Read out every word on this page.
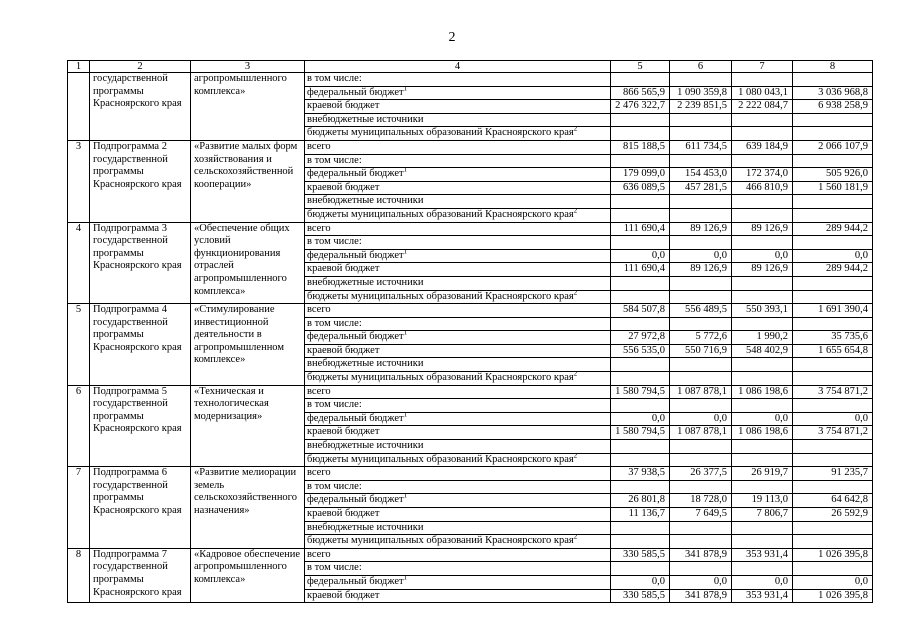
2
1	2	3	4	5	6	7	8
	государственной программы Красноярского края	агропромышленного комплекса»	в том числе:				
			федеральный бюджет$^1$	866 565,9	1 090 359,8	1 080 043,1	3 036 968,8
			краевой бюджет	2 476 322,7	2 239 851,5	2 222 084,7	6 938 258,9
			внебюджетные источники				
			бюджеты муниципальных образований Красноярского края$^2$				
3	Подпрограмма 2 государственной программы Красноярского края	«Развитие малых форм хозяйствования и сельскохозяйственной кооперации»	всего	815 188,5	611 734,5	639 184,9	2 066 107,9
			в том числе:				
			федеральный бюджет$^1$	179 099,0	154 453,0	172 374,0	505 926,0
			краевой бюджет	636 089,5	457 281,5	466 810,9	1 560 181,9
			внебюджетные источники				
			бюджеты муниципальных образований Красноярского края$^2$				
4	Подпрограмма 3 государственной программы Красноярского края	«Обеспечение общих условий функционирования отраслей агропромышленного комплекса»	всего	111 690,4	89 126,9	89 126,9	289 944,2
			в том числе:				
			федеральный бюджет$^1$	0,0	0,0	0,0	0,0
			краевой бюджет	111 690,4	89 126,9	89 126,9	289 944,2
			внебюджетные источники				
			бюджеты муниципальных образований Красноярского края$^2$				
5	Подпрограмма 4 государственной программы Красноярского края	«Стимулирование инвестиционной деятельности в агропромышленном комплексе»	всего	584 507,8	556 489,5	550 393,1	1 691 390,4
			в том числе:				
			федеральный бюджет$^1$	27 972,8	5 772,6	1 990,2	35 735,6
			краевой бюджет	556 535,0	550 716,9	548 402,9	1 655 654,8
			внебюджетные источники				
			бюджеты муниципальных образований Красноярского края$^2$				
6	Подпрограмма 5 государственной программы Красноярского края	«Техническая и технологическая модернизация»	всего	1 580 794,5	1 087 878,1	1 086 198,6	3 754 871,2
			в том числе:				
			федеральный бюджет$^1$	0,0	0,0	0,0	0,0
			краевой бюджет	1 580 794,5	1 087 878,1	1 086 198,6	3 754 871,2
			внебюджетные источники				
			бюджеты муниципальных образований Красноярского края$^2$				
7	Подпрограмма 6 государственной программы Красноярского края	«Развитие мелиорации земель сельскохозяйственного назначения»	всего	37 938,5	26 377,5	26 919,7	91 235,7
			в том числе:				
			федеральный бюджет$^1$	26 801,8	18 728,0	19 113,0	64 642,8
			краевой бюджет	11 136,7	7 649,5	7 806,7	26 592,9
			внебюджетные источники				
			бюджеты муниципальных образований Красноярского края$^2$				
8	Подпрограмма 7 государственной программы Красноярского края	«Кадровое обеспечение агропромышленного комплекса»	всего	330 585,5	341 878,9	353 931,4	1 026 395,8
			в том числе:				
			федеральный бюджет$^1$	0,0	0,0	0,0	0,0
			краевой бюджет	330 585,5	341 878,9	353 931,4	1 026 395,8
